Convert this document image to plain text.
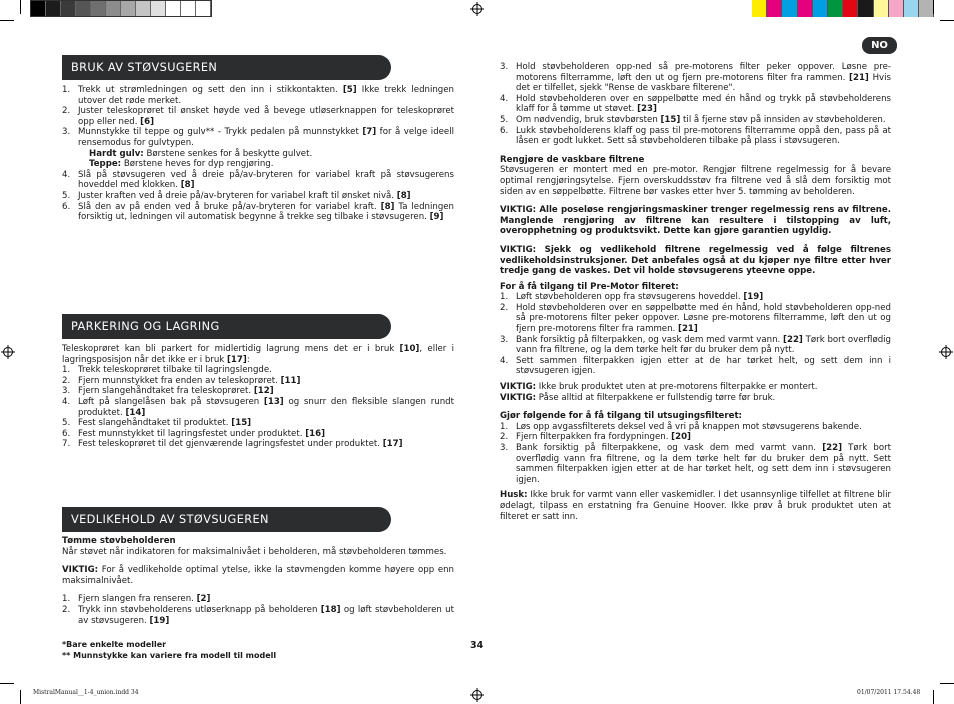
NO
BRUK AV STØVSUGEREN
1. Trekk ut strømledningen og sett den inn i stikkontakten. [5] Ikke trekk ledningen utover det røde merket.
2. Juster teleskoprøret til ønsket høyde ved å bevege utløserknappen for teleskoprøret opp eller ned. [6]
3. Munnstykke til teppe og gulv** - Trykk pedalen på munnstykket [7] for å velge ideell rensemodus for gulvtypen.
Hardt gulv: Børstene senkes for å beskytte gulvet.
Teppe: Børstene heves for dyp rengjøring.
4. Slå på støvsugeren ved å dreie på/av-bryteren for variabel kraft på støvsugerens hoveddel med klokken. [8]
5. Juster kraften ved å dreie på/av-bryteren for variabel kraft til ønsket nivå. [8]
6. Slå den av på enden ved å bruke på/av-bryteren for variabel kraft. [8] Ta ledningen forsiktig ut, ledningen vil automatisk begynne å trekke seg tilbake i støvsugeren. [9]
PARKERING OG LAGRING

Teleskoprøret kan bli parkert for midlertidig lagrung mens det er i bruk [10], eller i lagringsposisjon når det ikke er i bruk [17]:

1. Trekk teleskoprøret tilbake til lagringslengde.
2. Fjern munnstykket fra enden av teleskoprøret. [11]
3. Fjern slangehåndtaket fra teleskoprøret. [12]
4. Løft på slangelåsen bak på støvsugeren [13] og snurr den fleksible slangen rundt produktet. [14]
5. Fest slangehåndtaket til produktet. [15]
6. Fest munnstykket til lagringsfestet under produktet. [16]
7. Fest teleskoprøret til det gjenværende lagringsfestet under produktet. [17]
VEDLIKEHOLD AV STØVSUGEREN
Tømme støvbeholderen

Når støvet når indikatoren for maksimalnivået i beholderen, må støvbeholderen tømmes.

VIKTIG: For å vedlikeholde optimal ytelse, ikke la støvmengden komme høyere opp enn maksimalnivået.

1. Fjern slangen fra renseren. [2]
2. Trykk inn støvbeholderens utløserknapp på beholderen [18] og løft støvbeholderen ut av støvsugeren. [19]
*Bare enkelte modeller
** Munnstykke kan variere fra modell til modell
34
3. Hold støvbeholderen opp-ned så pre-motorens filter peker oppover. Løsne pre-motorens filterramme, løft den ut og fjern pre-motorens filter fra rammen. [21] Hvis det er tilfellet, sjekk "Rense de vaskbare filterene".
4. Hold støvbeholderen over en søppelbøtte med én hånd og trykk på støvbeholderens klaff for å tømme ut støvet. [23]
5. Om nødvendig, bruk støvbørsten [15] til å fjerne støv på innsiden av støvbeholderen.
6. Lukk støvbeholderens klaff og pass til pre-motorens filterramme oppå den, pass på at låsen er godt lukket. Sett så støvbeholderen tilbake på plass i støvsugeren.
Rengjøre de vaskbare filtrene

Støvsugeren er montert med en pre-motor. Rengjør filtrene regelmessig for å bevare optimal rengjøringsytelse. Fjern overskuddsstøv fra filtrene ved å slå dem forsiktig mot siden av en søppelbøtte. Filtrene bør vaskes etter hver 5. tømming av beholderen.

VIKTIG: Alle poseløse rengjøringsmaskiner trenger regelmessig rens av filtrene. Manglende rengjøring av filtrene kan resultere i tilstopping av luft, overopphetning og produktsvikt. Dette kan gjøre garantien ugyldig.

VIKTIG: Sjekk og vedlikehold filtrene regelmessig ved å følge filtrenes vedlikeholdsinstruksjoner. Det anbefales også at du kjøper nye filtre etter hver tredje gang de vaskes. Det vil holde støvsugerens yteevne oppe.

For å få tilgang til Pre-Motor filteret:
1. Løft støvbeholderen opp fra støvsugerens hoveddel. [19]
2. Hold støvbeholderen over en søppelbøtte med én hånd, hold støvbeholderen opp-ned så pre-motorens filter peker oppover. Løsne pre-motorens filterramme, løft den ut og fjern pre-motorens filter fra rammen. [21]
3. Bank forsiktig på filterpakken, og vask dem med varmt vann. [22] Tørk bort overflødig vann fra filtrene, og la dem tørke helt før du bruker dem på nytt.
4. Sett sammen filterpakken igjen etter at de har tørket helt, og sett dem inn i støvsugeren igjen.

VIKTIG: Ikke bruk produktet uten at pre-motorens filterpakke er montert.

VIKTIG: Påse alltid at filterpakkene er fullstendig tørre før bruk.

Gjør følgende for å få tilgang til utsugingsfilteret:
1. Løs opp avgassfilterets deksel ved å vri på knappen mot støvsugerens bakende.
2. Fjern filterpakken fra fordypningen. [20]
3. Bank forsiktig på filterpakkene, og vask dem med varmt vann. [22] Tørk bort overflødig vann fra filtrene, og la dem tørke helt før du bruker dem på nytt. Sett sammen filterpakken igjen etter at de har tørket helt, og sett dem inn i støvsugeren igjen.

Husk: Ikke bruk for varmt vann eller vaskemidler. I det usannsynlige tilfellet at filtrene blir ødelagt, tilpass en erstatning fra Genuine Hoover. Ikke prøv å bruk produktet uten at filteret er satt inn.

MistralManual__1-4_union.indd 34	01/07/2011 17.54.48
